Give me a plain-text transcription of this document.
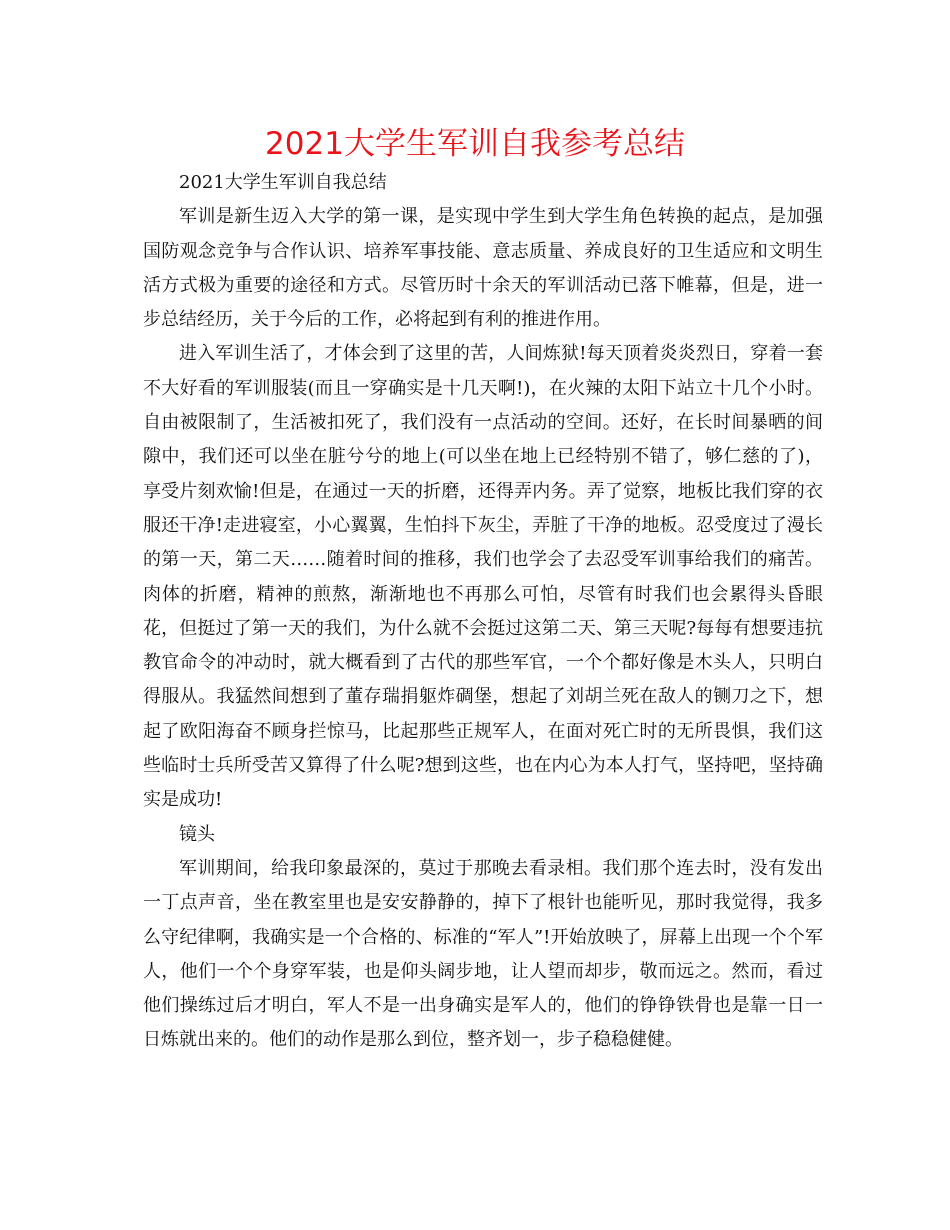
2021大学生军训自我参考总结

2021大学生军训自我总结

军训是新生迈入大学的第一课，是实现中学生到大学生角色转换的起点，是加强国防观念竞争与合作认识、培养军事技能、意志质量、养成良好的卫生适应和文明生活方式极为重要的途径和方式。尽管历时十余天的军训活动已落下帷幕，但是，进一步总结经历，关于今后的工作，必将起到有利的推进作用。

进入军训生活了，才体会到了这里的苦，人间炼狱!每天顶着炎炎烈日，穿着一套不大好看的军训服装(而且一穿确实是十几天啊!)，在火辣的太阳下站立十几个小时。自由被限制了，生活被扣死了，我们没有一点活动的空间。还好，在长时间暴晒的间隙中，我们还可以坐在脏兮兮的地上(可以坐在地上已经特别不错了，够仁慈的了)，享受片刻欢愉!但是，在通过一天的折磨，还得弄内务。弄了觉察，地板比我们穿的衣服还干净!走进寝室，小心翼翼，生怕抖下灰尘，弄脏了干净的地板。忍受度过了漫长的第一天，第二天……随着时间的推移，我们也学会了去忍受军训事给我们的痛苦。肉体的折磨，精神的煎熬，渐渐地也不再那么可怕，尽管有时我们也会累得头昏眼花，但挺过了第一天的我们，为什么就不会挺过这第二天、第三天呢?每每有想要违抗教官命令的冲动时，就大概看到了古代的那些军官，一个个都好像是木头人，只明白得服从。我猛然间想到了董存瑞捐躯炸碉堡，想起了刘胡兰死在敌人的铡刀之下，想起了欧阳海奋不顾身拦惊马，比起那些正规军人，在面对死亡时的无所畏惧，我们这些临时士兵所受苦又算得了什么呢?想到这些，也在内心为本人打气，坚持吧，坚持确实是成功!

镜头

军训期间，给我印象最深的，莫过于那晚去看录相。我们那个连去时，没有发出一丁点声音，坐在教室里也是安安静静的，掉下了根针也能听见，那时我觉得，我多么守纪律啊，我确实是一个合格的、标准的“军人”!开始放映了，屏幕上出现一个个军人，他们一个个身穿军装，也是仰头阔步地，让人望而却步，敬而远之。然而，看过他们操练过后才明白，军人不是一出身确实是军人的，他们的铮铮铁骨也是靠一日一日炼就出来的。他们的动作是那么到位，整齐划一，步子稳稳健健。
